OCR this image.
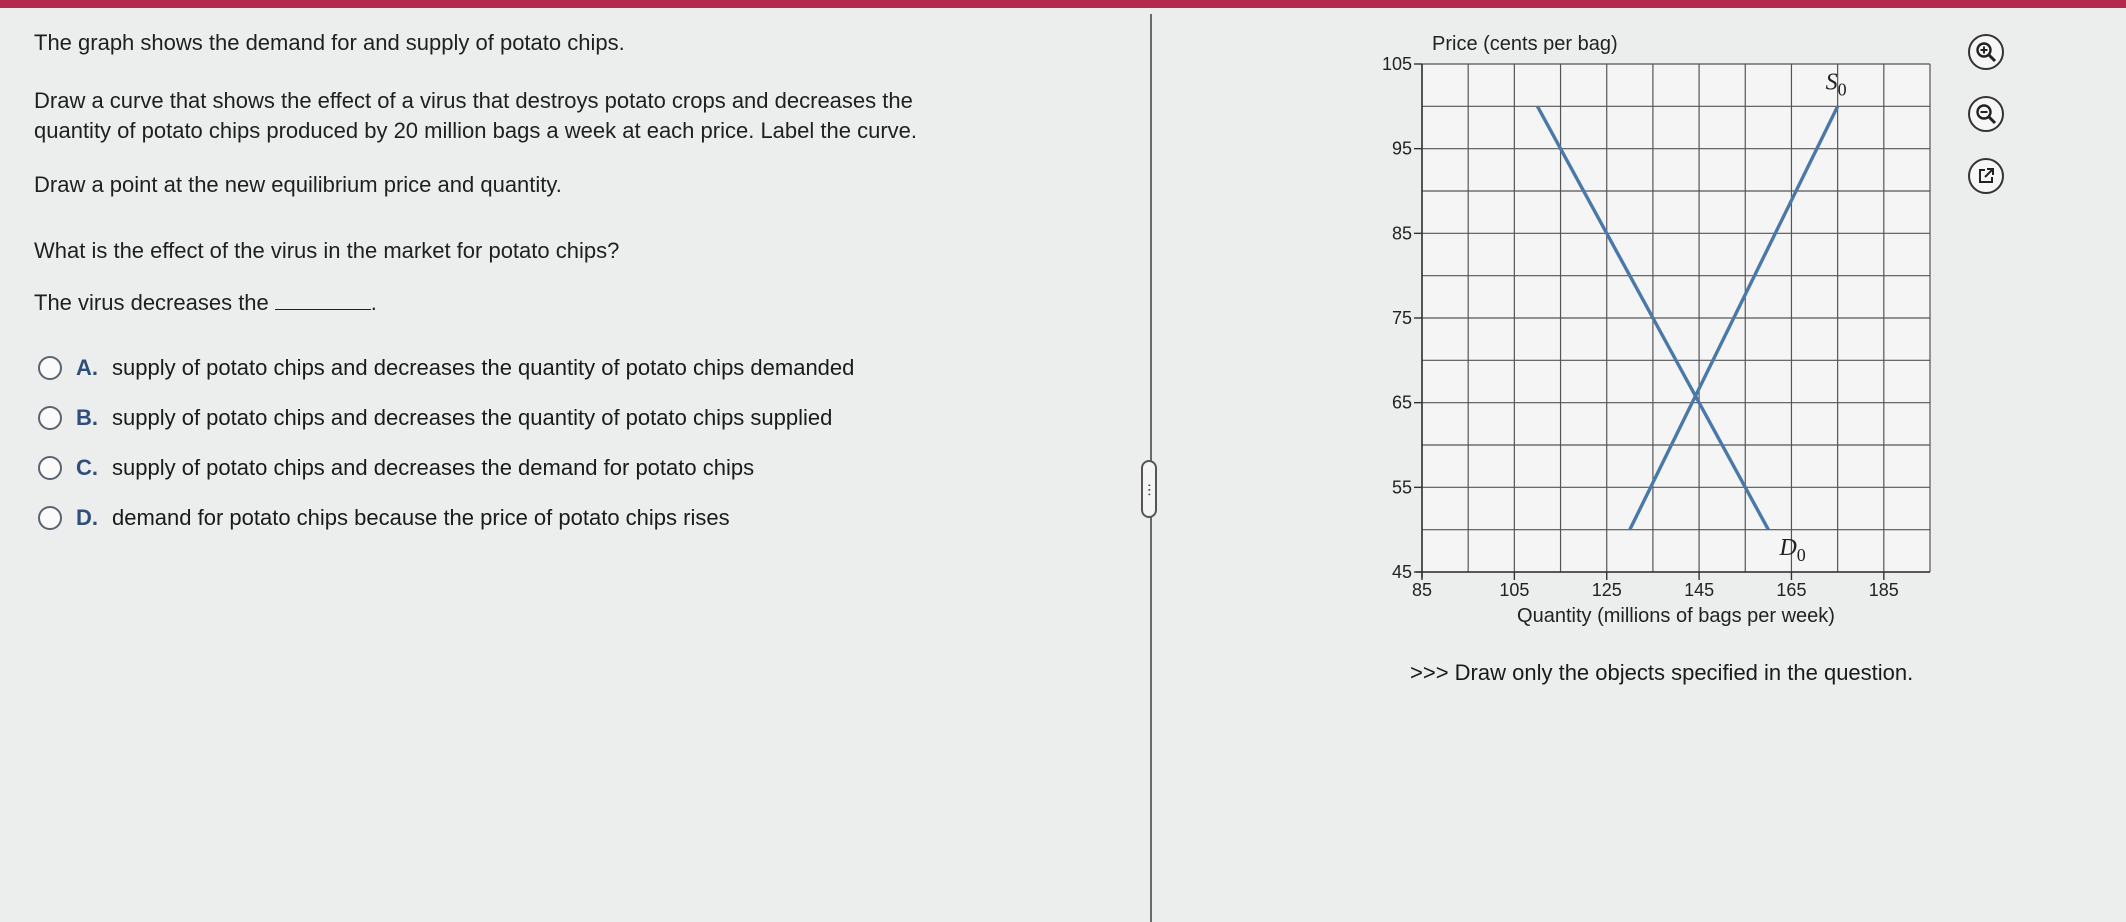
The graph shows the demand for and supply of potato chips.
Draw a curve that shows the effect of a virus that destroys potato crops and decreases the
quantity of potato chips produced by 20 million bags a week at each price. Label the curve.
Draw a point at the new equilibrium price and quantity.
What is the effect of the virus in the market for potato chips?
The virus decreases the	.
A. supply of potato chips and decreases the quantity of potato chips demanded
B. supply of potato chips and decreases the quantity of potato chips supplied
C. supply of potato chips and decreases the demand for potato chips
D. demand for potato chips because the price of potato chips rises
⋯
45
55
65
75
85
95
105
85	105	125	145	165	185
Price (cents per bag)
Quantity (millions of bags per week)
$S_0$
$D_0$
>>> Draw only the objects specified in the question.
